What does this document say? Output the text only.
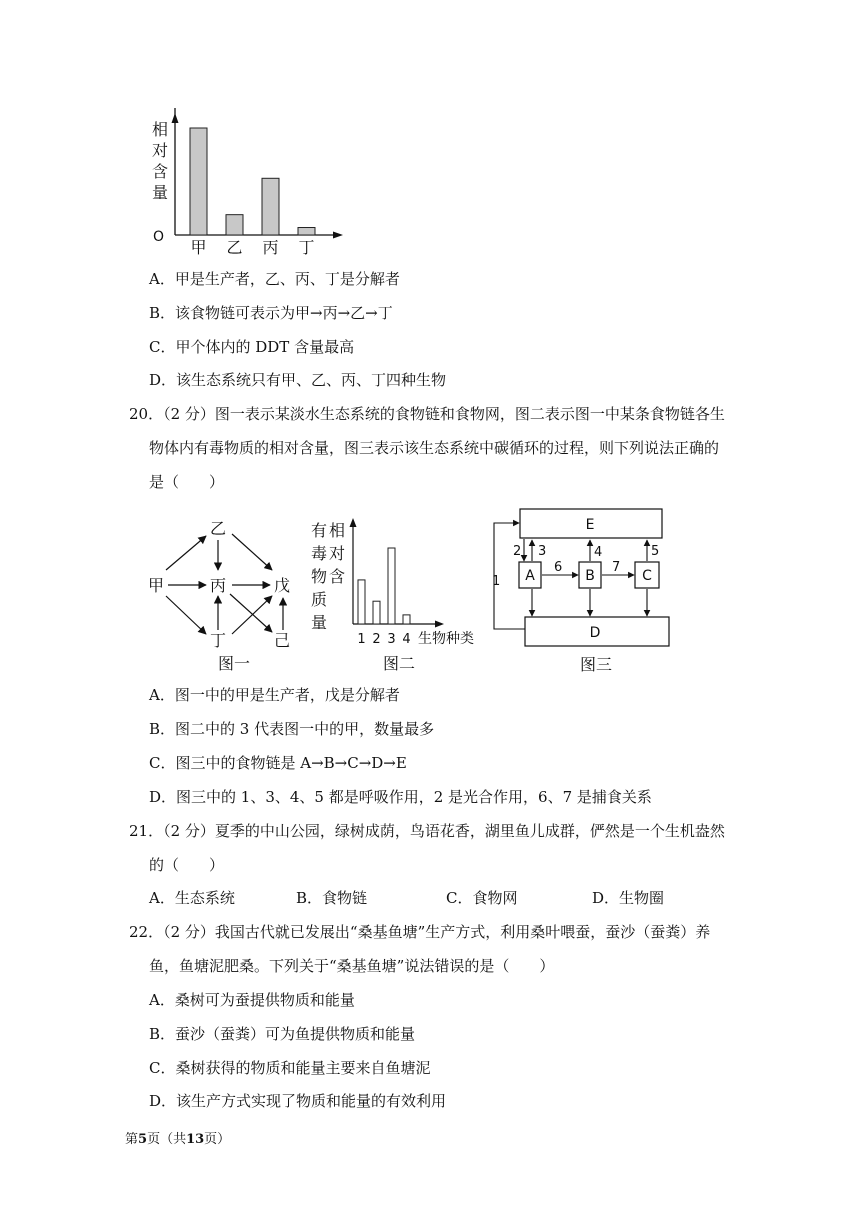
相
对
含
量
O
甲 乙 丙 丁
A．甲是生产者，乙、丙、丁是分解者
B．该食物链可表示为甲→丙→乙→丁
C．甲个体内的 DDT 含量最高
D．该生态系统只有甲、乙、丙、丁四种生物
20．（2 分）图一表示某淡水生态系统的食物链和食物网，图二表示图一中某条食物链各生
物体内有毒物质的相对含量，图三表示该生态系统中碳循环的过程，则下列说法正确的
是（　　）
乙
甲	丙	戊
丁	己
图一
有
毒
物
质
量
相
对
含
1 2 3 4 生物种类
图二
E
D
A	B	C
1
2 3	4	5
6	7
图三
A．图一中的甲是生产者，戊是分解者
B．图二中的 3 代表图一中的甲，数量最多
C．图三中的食物链是 A→B→C→D→E
D．图三中的 1、3、4、5 都是呼吸作用，2 是光合作用，6、7 是捕食关系
21．（2 分）夏季的中山公园，绿树成荫，鸟语花香，湖里鱼儿成群，俨然是一个生机盎然
的（　　）
A．生态系统	B．食物链	C．食物网	D．生物圈
22．（2 分）我国古代就已发展出“桑基鱼塘”生产方式，利用桑叶喂蚕，蚕沙（蚕粪）养
鱼，鱼塘泥肥桑。下列关于“桑基鱼塘”说法错误的是（　　）
A．桑树可为蚕提供物质和能量
B．蚕沙（蚕粪）可为鱼提供物质和能量
C．桑树获得的物质和能量主要来自鱼塘泥
D．该生产方式实现了物质和能量的有效利用
第5页（共13页）
